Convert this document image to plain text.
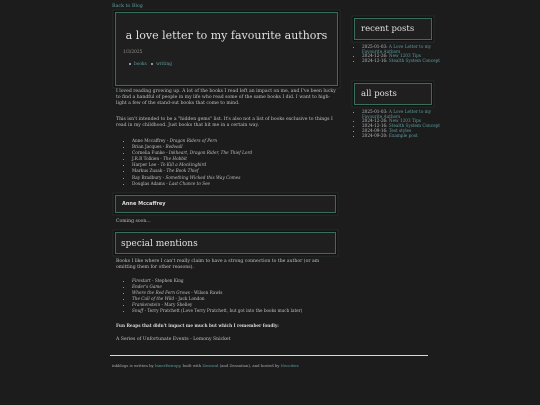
Back to Blog
a love letter to my favourite authors
1/3/2025
books writing

I loved reading growing up. A lot of the books I read left an impact on me, and I've been lucky to find a handful of people in my life who read some of the same books I did. I want to high-light a few of the stand-out books that come to mind.

This isn't intended to be a "hidden gems" list. It's also not a list of books exclusive to things I read in my childhood. Just books that hit me in a certain way.

• Anne Mccaffrey - Dragon Riders of Pern
• Brian Jacques - Redwall
• Cornelia Funke - Inkheart, Dragon Rider, The Thief Lord
• J.R.R Tolkien - The Hobbit
• Harper Lee - To Kill a Mockingbird
• Markus Zusak - The Book Thief
• Ray Bradbury - Something Wicked this Way Comes
• Douglas Adams - Last Chance to See
Anne Mccaffrey

Coming soon...

special mentions

Books I like where I can't really claim to have a strong connection to the author (or am omitting them for other reasons).

• Firestart - Stephen King
• Ender's Game
• Where the Red Fern Grows - Wilson Rawls
• The Call of the Wild - Jack London
• Frankenstein - Mary Shelley
• Snuff - Terry Pratchett (Love Terry Pratchett, but got into the books much later)

Fun Reaps that didn't impact me much but which I remember fondly:

A Series of Unfortunate Events - Lemony Snicket

recent posts
• 2025-01-03: A Love Letter to my Favourite Authors
• 2024-12-26: New 1203 Tips
• 2024-12-16: Stealth System Concept
all posts
• 2025-01-03: A Love Letter to my Favourite Authors
• 2024-12-26: New 1203 Tips
• 2024-12-16: Stealth System Concept
• 2024-09-16: Test styles
• 2024-09-20: Example post
inkblogs is written by InnerEntropy, built with Zensical (and Zensation), and hosted by Neocities
